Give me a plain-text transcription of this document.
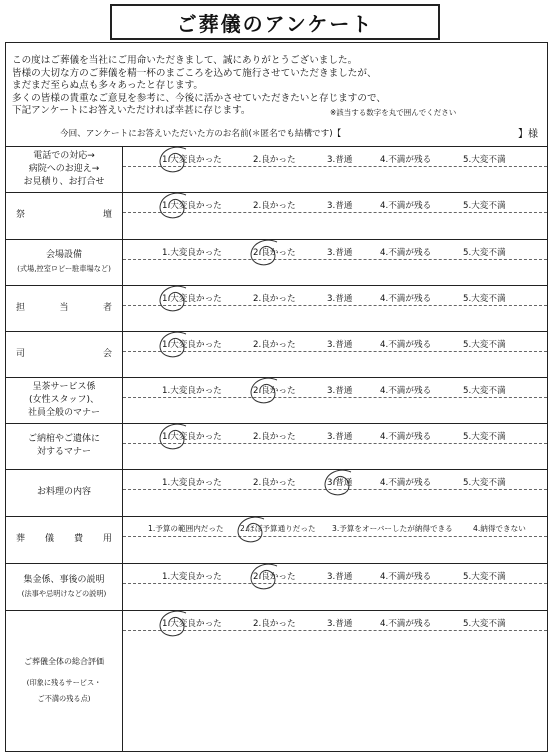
ご葬儀のアンケート
この度はご葬儀を当社にご用命いただきまして、誠にありがとうございました。
皆様の大切な方のご葬儀を精一杯のまごころを込めて施行させていただきましたが、
まだまだ至らぬ点も多々あったと存じます。
多くの皆様の貴重なご意見を参考に、今後に活かさせていただきたいと存じますので、
下記アンケートにお答えいただければ幸甚に存じます。	※該当する数字を丸で囲んでください
今回、アンケートにお答えいただいた方のお名前(＊匿名でも結構です)【	】様
電話での対応→
病院へのお迎え→
お見積り、お打合せ
1.大変良かった	2.良かった	3.普通	4.不満が残る	5.大変不満
祭	壇
1.大変良かった	2.良かった	3.普通	4.不満が残る	5.大変不満
会場設備
(式場,控室ロビー駐車場など)
1.大変良かった	2.良かった	3.普通	4.不満が残る	5.大変不満
担	当	者
1.大変良かった	2.良かった	3.普通	4.不満が残る	5.大変不満
司	会
1.大変良かった	2.良かった	3.普通	4.不満が残る	5.大変不満
呈茶サービス係
(女性スタッフ)、
社員全般のマナー
1.大変良かった	2.良かった	3.普通	4.不満が残る	5.大変不満
ご納棺やご遺体に
対するマナー
1.大変良かった	2.良かった	3.普通	4.不満が残る	5.大変不満
お料理の内容
1.大変良かった	2.良かった	3.普通	4.不満が残る	5.大変不満
葬 儀 費 用
1.予算の範囲内だった 2.ほぼ予算通りだった 3.予算をオーバーしたが納得できる	4.納得できない
集金係、事後の説明
(法事や忌明けなどの説明)
1.大変良かった	2.良かった	3.普通	4.不満が残る	5.大変不満
ご葬儀全体の総合評価
(印象に残るサービス・
ご不満の残る点)
1.大変良かった	2.良かった	3.普通	4.不満が残る	5.大変不満
